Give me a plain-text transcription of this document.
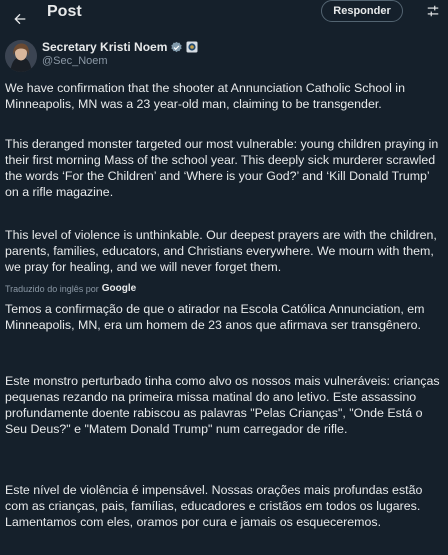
Post	Responder
Secretary Kristi Noem
@Sec_Noem

We have confirmation that the shooter at Annunciation Catholic School in Minneapolis, MN was a 23 year-old man, claiming to be transgender.

This deranged monster targeted our most vulnerable: young children praying in their first morning Mass of the school year. This deeply sick murderer scrawled the words ‘For the Children’ and ‘Where is your God?’ and ‘Kill Donald Trump’ on a rifle magazine.

This level of violence is unthinkable. Our deepest prayers are with the children, parents, families, educators, and Christians everywhere. We mourn with them, we pray for healing, and we will never forget them.

Traduzido do inglês por Google

Temos a confirmação de que o atirador na Escola Católica Annunciation, em Minneapolis, MN, era um homem de 23 anos que afirmava ser transgênero.

Este monstro perturbado tinha como alvo os nossos mais vulneráveis: crianças pequenas rezando na primeira missa matinal do ano letivo. Este assassino profundamente doente rabiscou as palavras "Pelas Crianças", "Onde Está o Seu Deus?" e "Matem Donald Trump" num carregador de rifle.

Este nível de violência é impensável. Nossas orações mais profundas estão com as crianças, pais, famílias, educadores e cristãos em todos os lugares. Lamentamos com eles, oramos por cura e jamais os esqueceremos.
